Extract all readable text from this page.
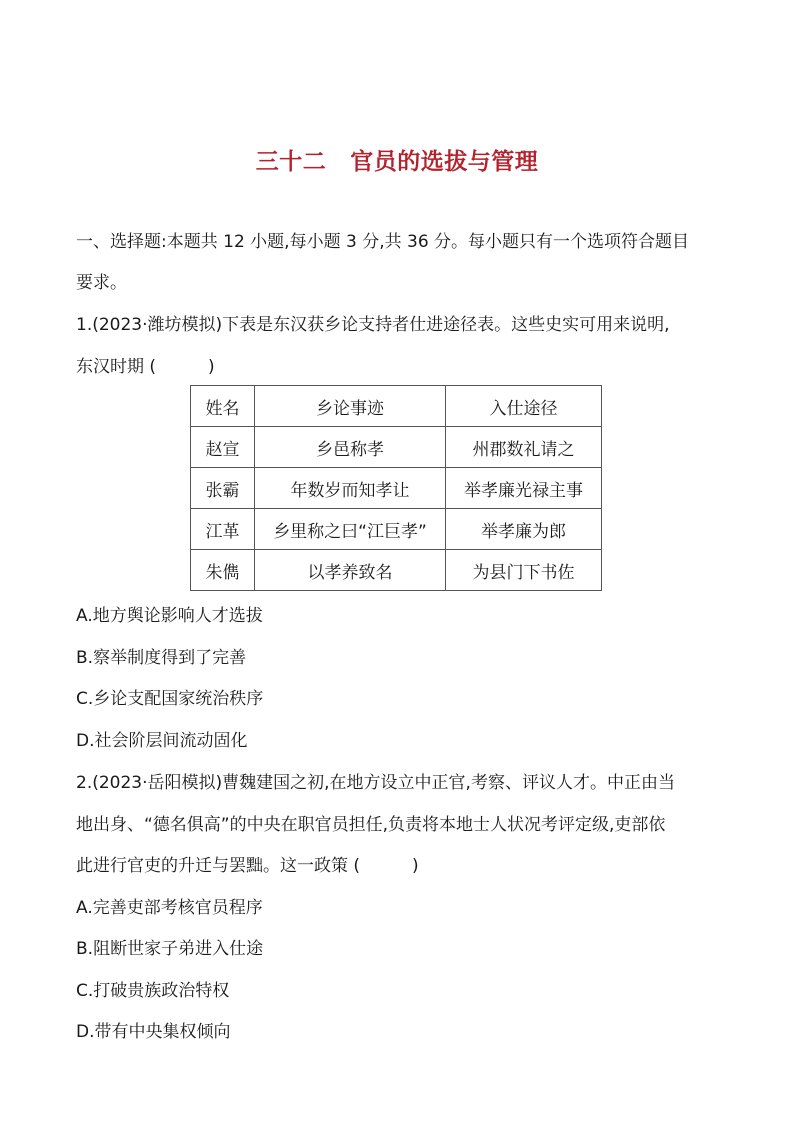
三十二 官员的选拔与管理
一、选择题:本题共 12 小题,每小题 3 分,共 36 分。每小题只有一个选项符合题目
要求。
1.(2023·潍坊模拟)下表是东汉获乡论支持者仕进途径表。这些史实可用来说明,
东汉时期 (	)
姓名	乡论事迹	入仕途径
赵宣	乡邑称孝	州郡数礼请之
张霸	年数岁而知孝让	举孝廉光禄主事
江革	乡里称之曰“江巨孝”	举孝廉为郎
朱儁	以孝养致名	为县门下书佐
A.地方舆论影响人才选拔
B.察举制度得到了完善
C.乡论支配国家统治秩序
D.社会阶层间流动固化
2.(2023·岳阳模拟)曹魏建国之初,在地方设立中正官,考察、评议人才。中正由当
地出身、“德名俱高”的中央在职官员担任,负责将本地士人状况考评定级,吏部依
此进行官吏的升迁与罢黜。这一政策 (	)
A.完善吏部考核官员程序
B.阻断世家子弟进入仕途
C.打破贵族政治特权
D.带有中央集权倾向
